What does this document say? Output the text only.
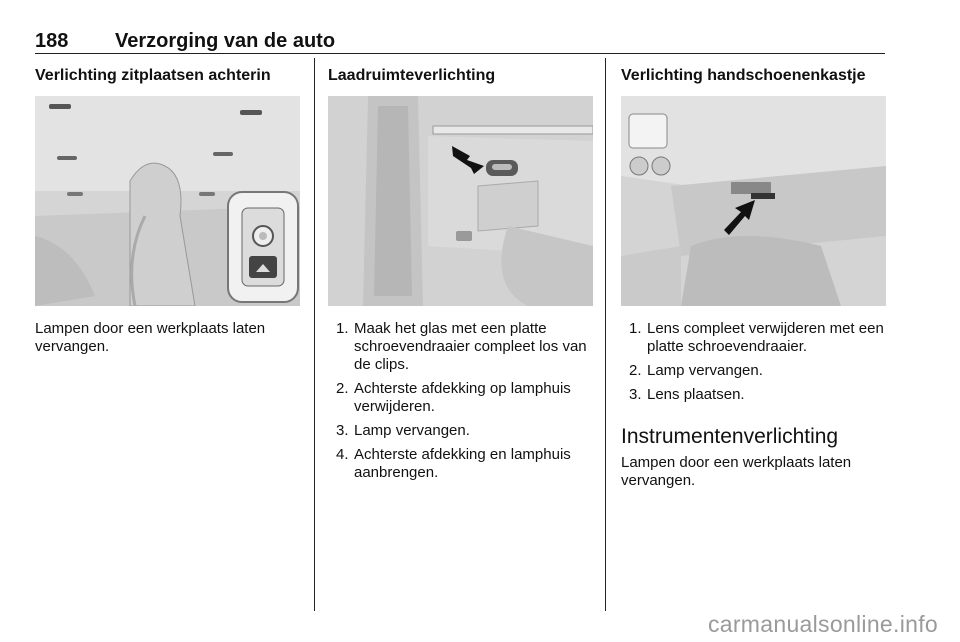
188 Verzorging van de auto
Verlichting zitplaatsen achterin

Lampen door een werkplaats laten vervangen.

Laadruimteverlichting
1. Maak het glas met een platte schroevendraaier compleet los van de clips.
2. Achterste afdekking op lamphuis verwijderen.
3. Lamp vervangen.
4. Achterste afdekking en lamphuis aanbrengen.
Verlichting handschoenenkastje
1. Lens compleet verwijderen met een platte schroevendraaier.
2. Lamp vervangen.
3. Lens plaatsen.
Instrumentenverlichting

Lampen door een werkplaats laten vervangen.

carmanualsonline.info
